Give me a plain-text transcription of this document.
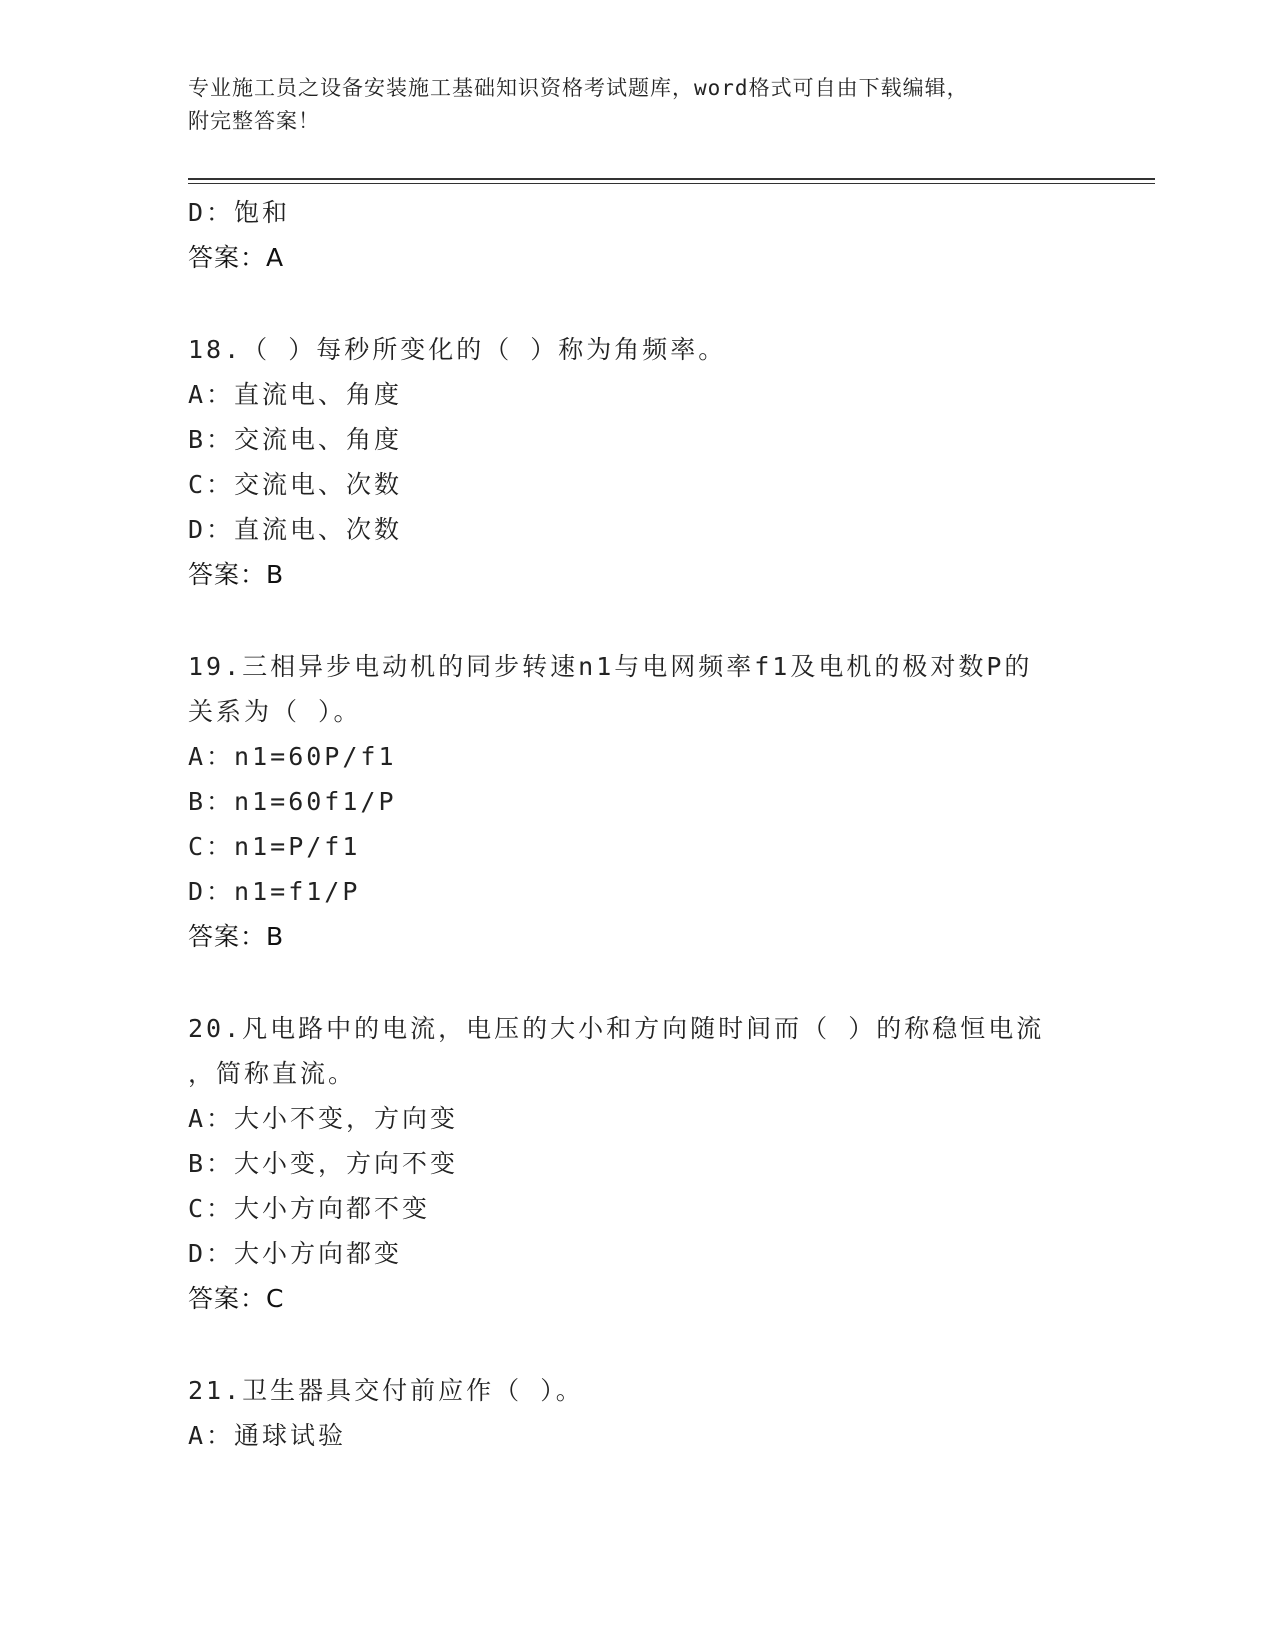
专业施工员之设备安装施工基础知识资格考试题库，word格式可自由下载编辑，
附完整答案！
D：饱和
答案：A
18.（ ）每秒所变化的（ ）称为角频率。
A：直流电、角度
B：交流电、角度
C：交流电、次数
D：直流电、次数
答案：B
19.三相异步电动机的同步转速n1与电网频率f1及电机的极对数P的
关系为（ ）。
A：n1=60P/f1
B：n1=60f1/P
C：n1=P/f1
D：n1=f1/P
答案：B
20.凡电路中的电流，电压的大小和方向随时间而（ ）的称稳恒电流
，简称直流。
A：大小不变，方向变
B：大小变，方向不变
C：大小方向都不变
D：大小方向都变
答案：C
21.卫生器具交付前应作（ ）。
A：通球试验
